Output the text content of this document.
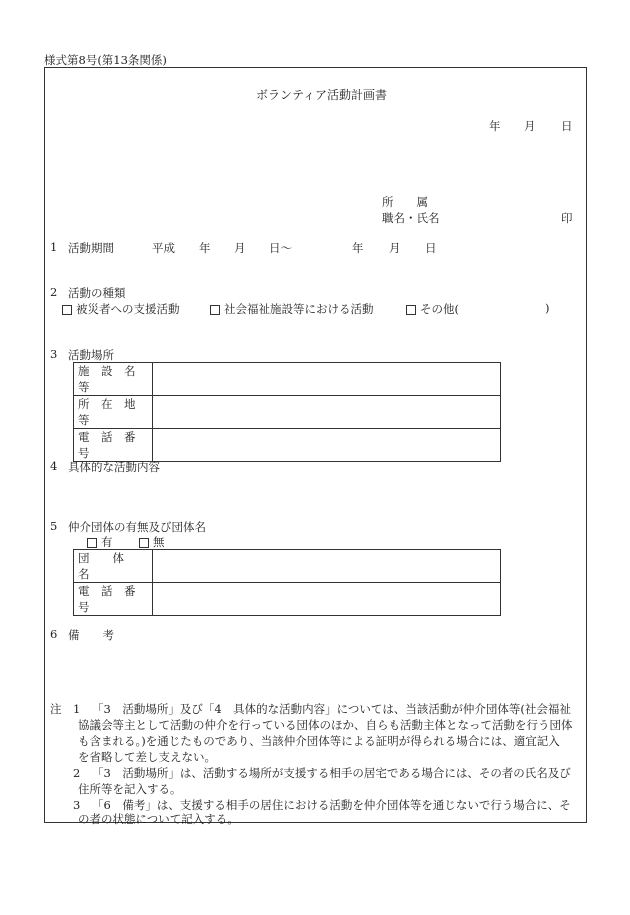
様式第8号(第13条関係)
ボランティア活動計画書
年 月 日
所　　属
職名・氏名	印
1 活動期間	平成 年 月 日～	年 月 日
2 活動の種類
被災者への支援活動	社会福祉施設等における活動	その他(	)
3 活動場所
施　設　名　等	
所　在　地　等	
電　話　番　号	
4 具体的な活動内容
5 仲介団体の有無及び団体名
有	無
団　　体　　名	
電　話　番　号	
6 備　　考
注 1 「3　活動場所」及び「4　具体的な活動内容」については、当該活動が仲介団体等(社会福祉
協議会等主として活動の仲介を行っている団体のほか、自らも活動主体となって活動を行う団体
も含まれる。)を通じたものであり、当該仲介団体等による証明が得られる場合には、適宜記入
を省略して差し支えない。
2 「3　活動場所」は、活動する場所が支援する相手の居宅である場合には、その者の氏名及び
住所等を記入する。
3 「6　備考」は、支援する相手の居住における活動を仲介団体等を通じないで行う場合に、そ
の者の状態について記入する。
